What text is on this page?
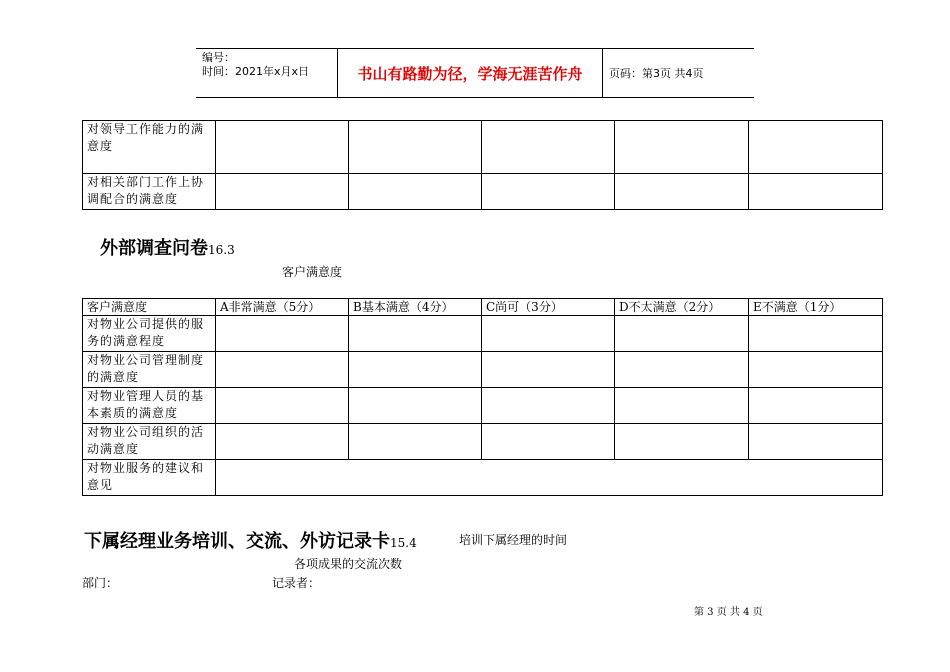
编号：
时间：2021年x月x日	书山有路勤为径，学海无涯苦作舟	页码：第3页 共4页
对领导工作能力的满意度					
对相关部门工作上协调配合的满意度					
外部调查问卷16.3
客户满意度
客户满意度	A非常满意（5分）	B基本满意（4分）	C尚可（3分）	D不太满意（2分）	E不满意（1分）
对物业公司提供的服务的满意程度					
对物业公司管理制度的满意度					
对物业管理人员的基本素质的满意度					
对物业公司组织的活动满意度					
对物业服务的建议和意见					
下属经理业务培训、交流、外访记录卡15.4	培训下属经理的时间
各项成果的交流次数
部门：	记录者：
第 3 页 共 4 页
